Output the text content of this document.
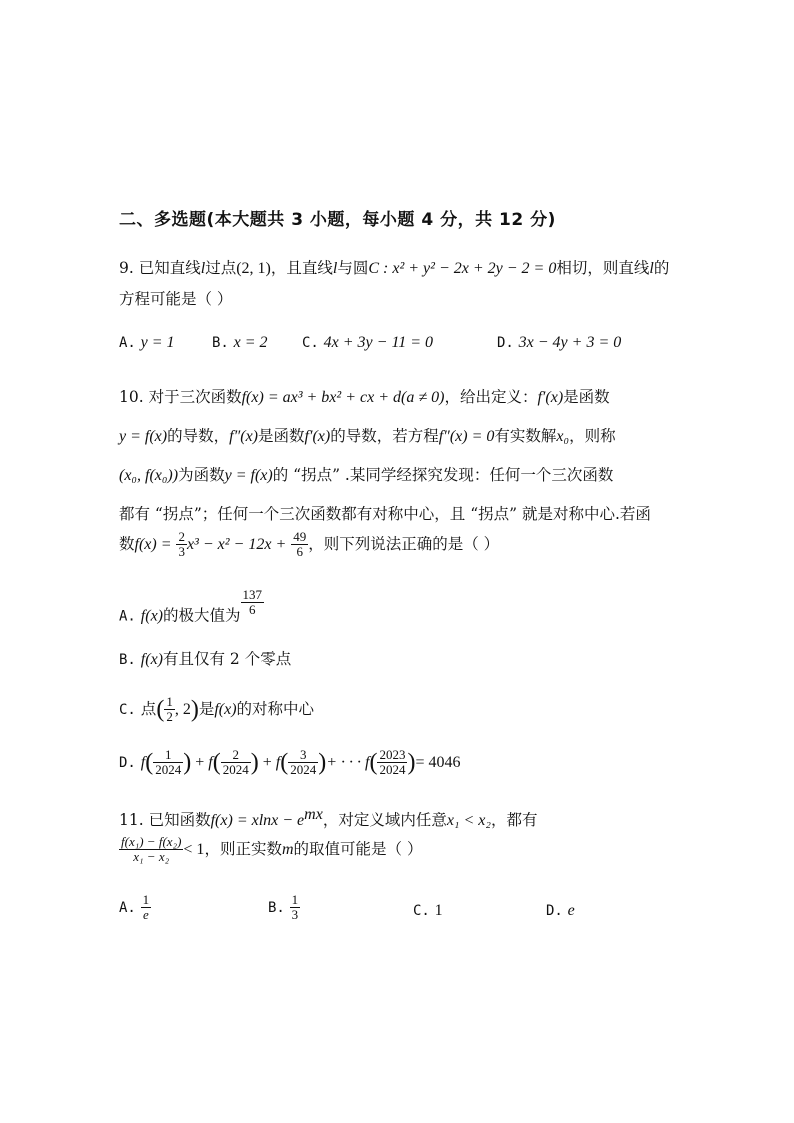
二、多选题(本大题共 3 小题，每小题 4 分，共 12 分)
9. 已知直线l过点(2, 1)，且直线l与圆C : x² + y² − 2x + 2y − 2 = 0相切，则直线l的
方程可能是（ ）
A. y = 1	B. x = 2 C. 4x + 3y − 11 = 0	D. 3x − 4y + 3 = 0
10. 对于三次函数f(x) = ax³ + bx² + cx + d(a ≠ 0)，给出定义：f′(x)是函数
y = f(x)的导数，f″(x)是函数f′(x)的导数，若方程f″(x) = 0有实数解x₀，则称
(x₀, f(x₀))为函数y = f(x)的 “拐点” .某同学经探究发现：任何一个三次函数
都有 “拐点”；任何一个三次函数都有对称中心，且 “拐点” 就是对称中心.若函
数$f(x) = \frac{2}{3} x^3 - x^2 - 12x + \frac{49}{6}$ ，则下列说法正确的是（ ）
A. f(x)的极大值为 $\frac{137}{6}$
B. f(x)有且仅有 2 个零点
C. 点( $\frac{1}{2}$ , 2)是f(x)的对称中心
D. $f( \frac{1}{2024}$ ) + $f( \frac{2}{2024}$ ) + $f( \frac{3}{2024}$ )+ · · · $f( \frac{2023}{2024}$ )= 4046
11. 已知函数$f(x) = xlnx - e^{mx}$，对定义域内任意x₁ < x₂，都有
$\frac{\text{f(x₁) − f(x₂)}}{\text{x₁ − x₂}} < 1$，则正实数m的取值可能是（ ）
A. $\frac{1}{e}$	B. $\frac{1}{3}$	C. 1	D. e
